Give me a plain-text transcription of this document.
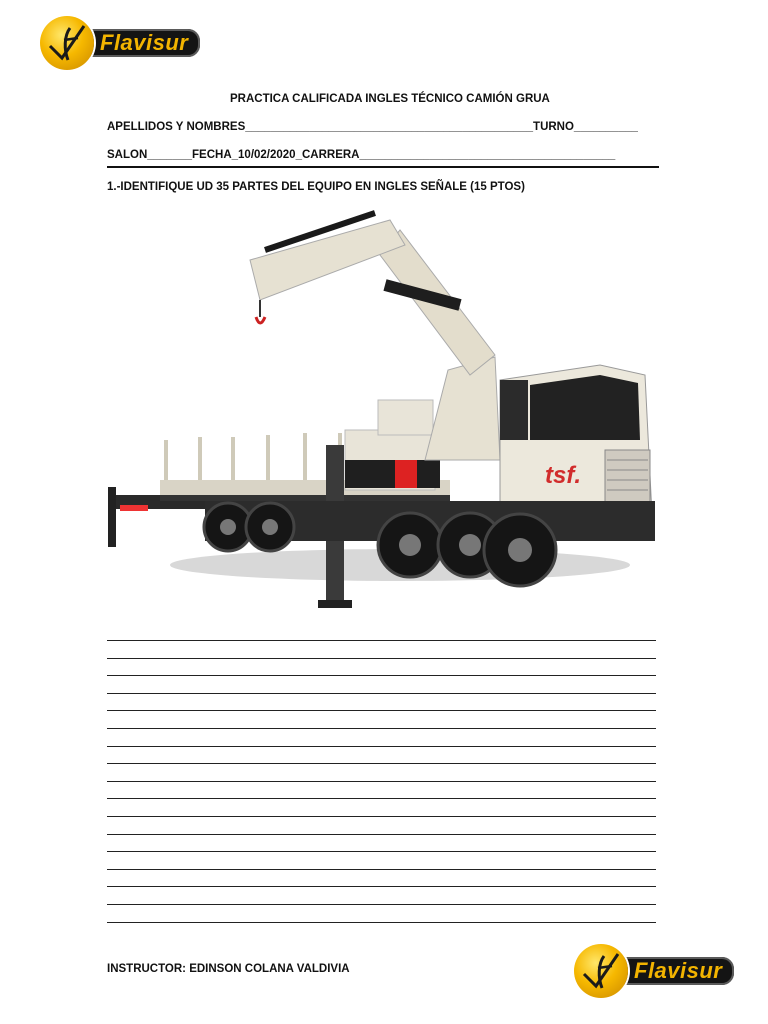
Flavisur
PRACTICA CALIFICADA INGLES TÉCNICO CAMIÓN GRUA
APELLIDOS Y NOMBRES_____________________________________________TURNO__________
SALON_______FECHA_10/02/2020_CARRERA________________________________________
1.-IDENTIFIQUE UD 35 PARTES DEL EQUIPO EN INGLES SEÑALE (15 PTOS)
tsf.
INSTRUCTOR: EDINSON COLANA VALDIVIA	Flavisur
